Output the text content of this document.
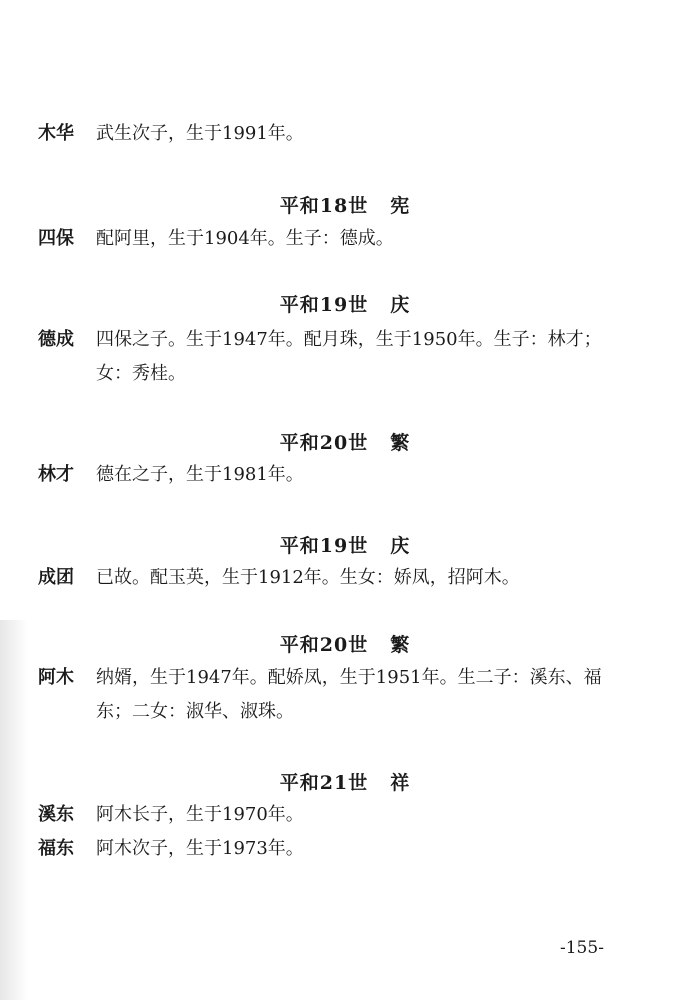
木华	武生次子，生于1991年。
平和18世 宪
四保	配阿里，生于1904年。生子：德成。
平和19世 庆
德成	四保之子。生于1947年。配月珠，生于1950年。生子：林才；
女：秀桂。
平和20世 繁
林才	德在之子，生于1981年。
平和19世 庆
成团	已故。配玉英，生于1912年。生女：娇凤，招阿木。
平和20世 繁
阿木	纳婿，生于1947年。配娇凤，生于1951年。生二子：溪东、福
东；二女：淑华、淑珠。
平和21世 祥
溪东	阿木长子，生于1970年。
福东	阿木次子，生于1973年。
-155-
